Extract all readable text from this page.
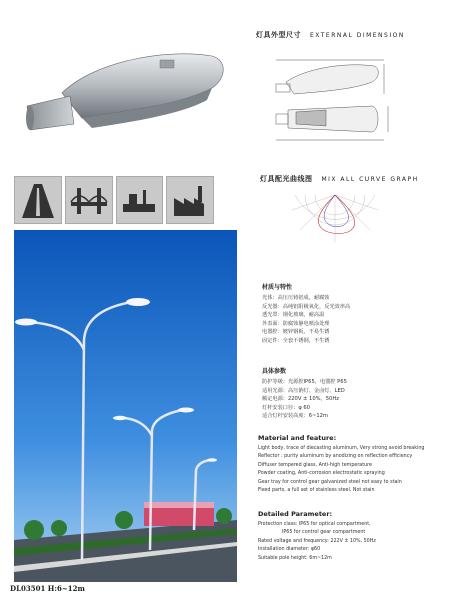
灯具外型尺寸 EXTERNAL DIMENSION
灯具配光曲线图 MIX ALL CURVE GRAPH
DL03501 H:6~12m
材质与特性
光体：高压压铸铝成，耐腐蚀
反光器：高纯铝阳极氧化，反光效率高
透光罩：钢化玻璃，耐高温
外表面：防腐蚀静电喷涂处理
电器腔：镀锌钢板，不易生锈
固定件：全套不锈钢，不生锈
具体参数
防护等级：光源腔IP65，电器腔 P65
适用光源：高压钠灯、金卤灯、LED
额定电源：220V ± 10%，50Hz
灯杆安装口径：φ 60
适合灯杆安装高度：6~12m
Material and feature:
Light body, trace of diecasting aluminum, Very strong avoid breaking
Reflector : purity aluminum by anodizing on reflection efficiency
Diffuser tempered glass, Anti-high temperature
Powder coating, Anti-corrosion electrostatic spraying
Gear tray for control gear galvanized steel not easy to stain
Fixed parts, a full set of stainless steel, Not stain
Detailed Parameter:
Protection class: IP65 for optical compartment,
IP65 for control gear compartment
Rated voltage and frequency: 222V ± 10%, 50Hz
Installation diameter: φ60
Suitable pole height: 6m~12m
